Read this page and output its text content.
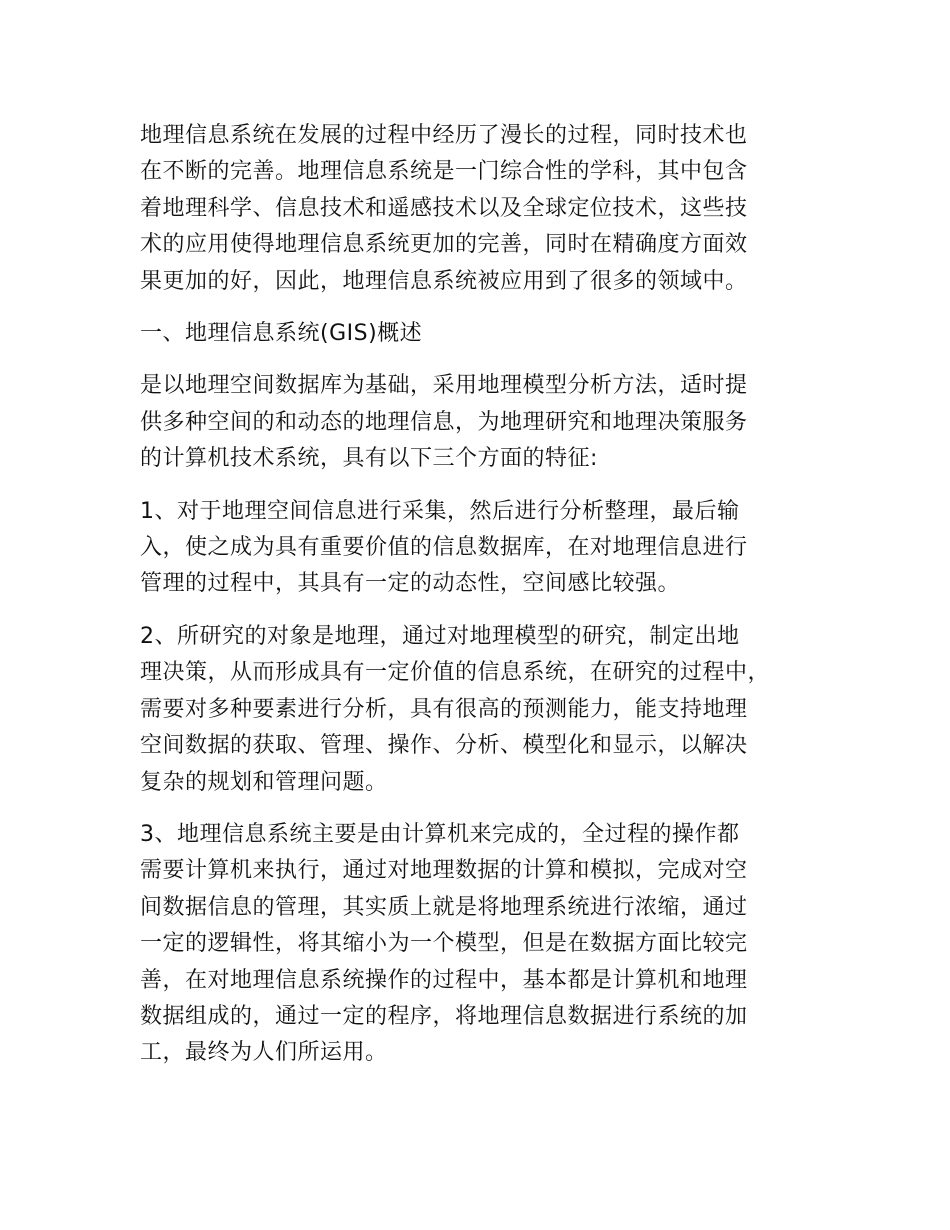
地理信息系统在发展的过程中经历了漫长的过程，同时技术也
在不断的完善。地理信息系统是一门综合性的学科，其中包含
着地理科学、信息技术和遥感技术以及全球定位技术，这些技
术的应用使得地理信息系统更加的完善，同时在精确度方面效
果更加的好，因此，地理信息系统被应用到了很多的领域中。

一、地理信息系统(GIS)概述

是以地理空间数据库为基础，采用地理模型分析方法，适时提
供多种空间的和动态的地理信息，为地理研究和地理决策服务
的计算机技术系统，具有以下三个方面的特征:

1、对于地理空间信息进行采集，然后进行分析整理，最后输
入，使之成为具有重要价值的信息数据库，在对地理信息进行
管理的过程中，其具有一定的动态性，空间感比较强。

2、所研究的对象是地理，通过对地理模型的研究，制定出地
理决策，从而形成具有一定价值的信息系统，在研究的过程中，
需要对多种要素进行分析，具有很高的预测能力，能支持地理
空间数据的获取、管理、操作、分析、模型化和显示，以解决
复杂的规划和管理问题。

3、地理信息系统主要是由计算机来完成的，全过程的操作都
需要计算机来执行，通过对地理数据的计算和模拟，完成对空
间数据信息的管理，其实质上就是将地理系统进行浓缩，通过
一定的逻辑性，将其缩小为一个模型，但是在数据方面比较完
善，在对地理信息系统操作的过程中，基本都是计算机和地理
数据组成的，通过一定的程序，将地理信息数据进行系统的加
工，最终为人们所运用。
